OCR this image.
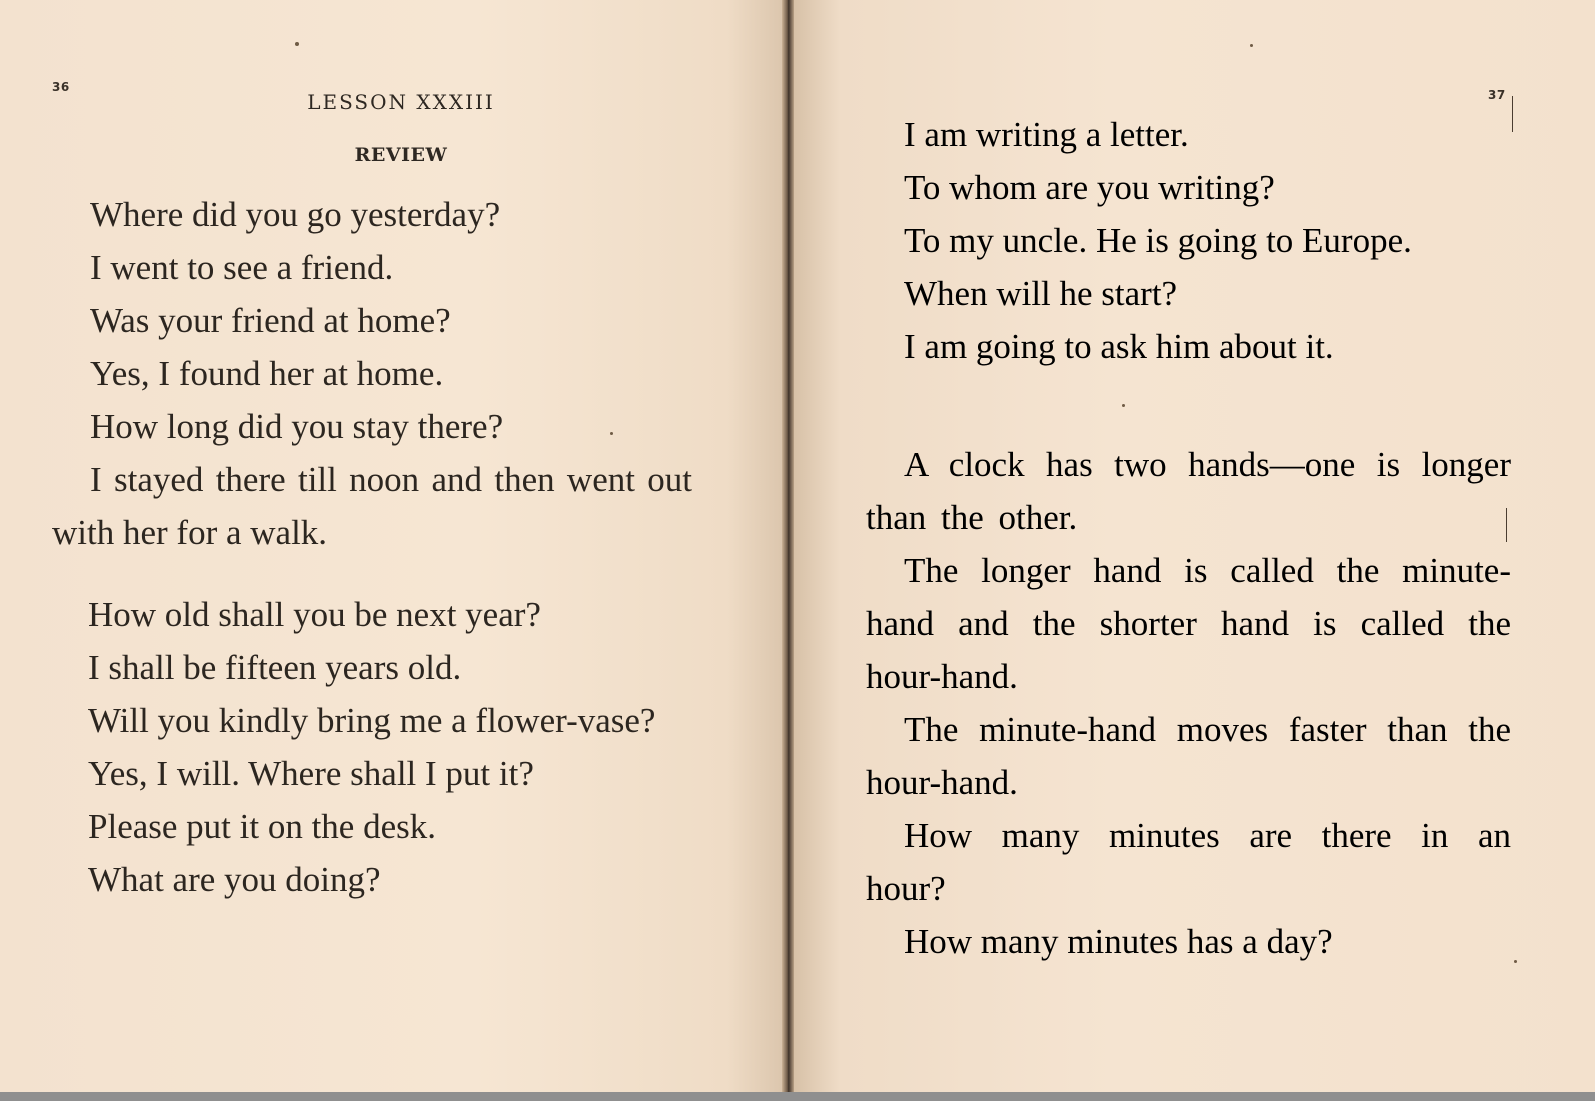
36
LESSON XXXIII
REVIEW

Where did you go yesterday?

I went to see a friend.

Was your friend at home?

Yes, I found her at home.

How long did you stay there?

I stayed there till noon and then went out with her for a walk.

How old shall you be next year?

I shall be fifteen years old.

Will you kindly bring me a flower-vase?

Yes, I will. Where shall I put it?

Please put it on the desk.

What are you doing?

37

I am writing a letter.

To whom are you writing?

To my uncle. He is going to Europe.

When will he start?

I am going to ask him about it.

A clock has two hands—one is longer than the other.

The longer hand is called the minute-hand and the shorter hand is called the hour-hand.

The minute-hand moves faster than the hour-hand.

How many minutes are there in an hour?

How many minutes has a day?
